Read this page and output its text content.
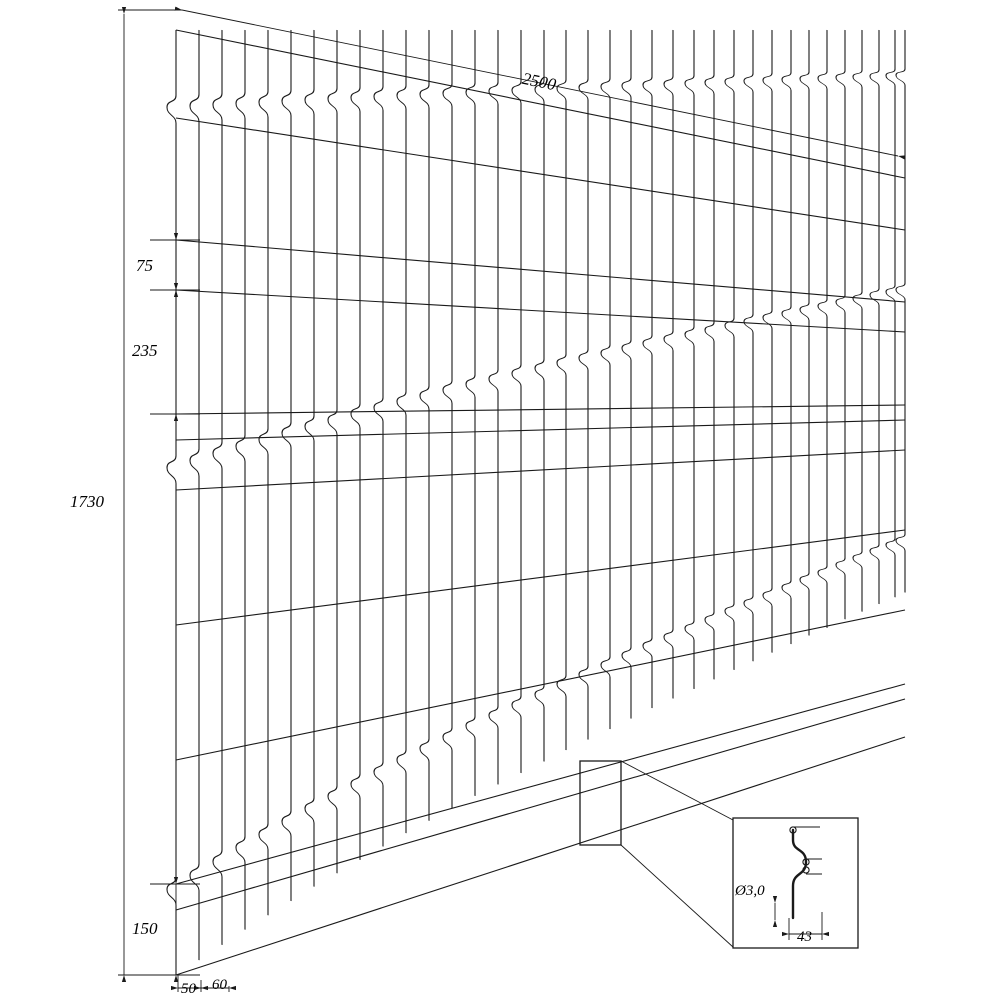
2500
1730
75
235
150
50 60
Ø3,0
43
